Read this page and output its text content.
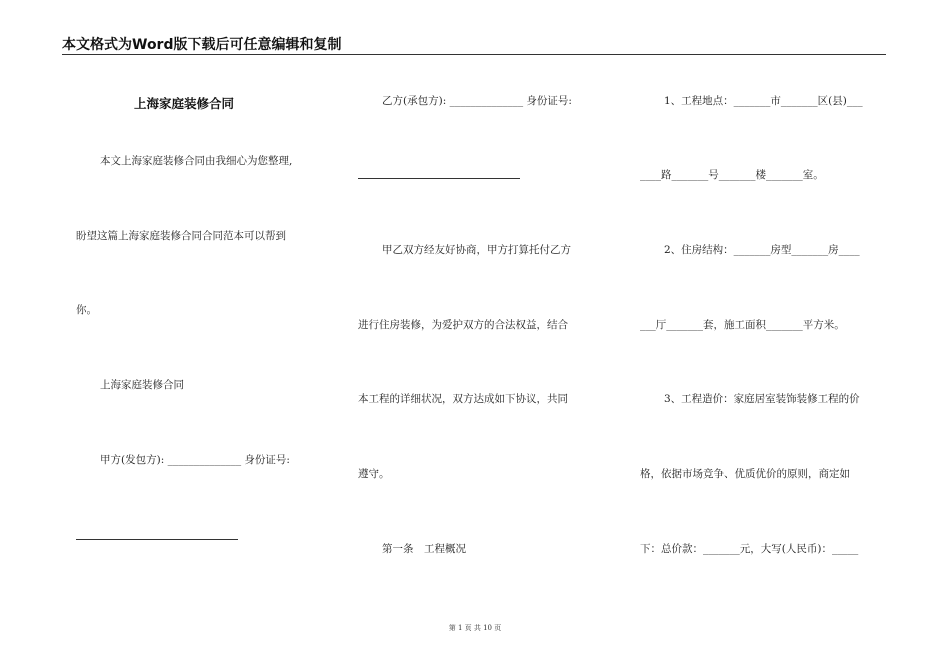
本文格式为Word版下载后可任意编辑和复制
上海家庭装修合同
本文上海家庭装修合同由我细心为您整理,
盼望这篇上海家庭装修合同合同范本可以帮到
你。
上海家庭装修合同
甲方(发包方): ______________ 身份证号:
乙方(承包方): ______________ 身份证号:
甲乙双方经友好协商，甲方打算托付乙方
进行住房装修，为爱护双方的合法权益，结合
本工程的详细状况，双方达成如下协议，共同
遵守。
第一条　工程概况
1、工程地点：_______市_______区(县)___
____路_______号_______楼_______室。
2、住房结构：_______房型_______房____
___厅_______套，施工面积_______平方米。
3、工程造价：家庭居室装饰装修工程的价
格，依据市场竞争、优质优价的原则，商定如
下：总价款：_______元，大写(人民币)：_____
第 1 页 共 10 页
